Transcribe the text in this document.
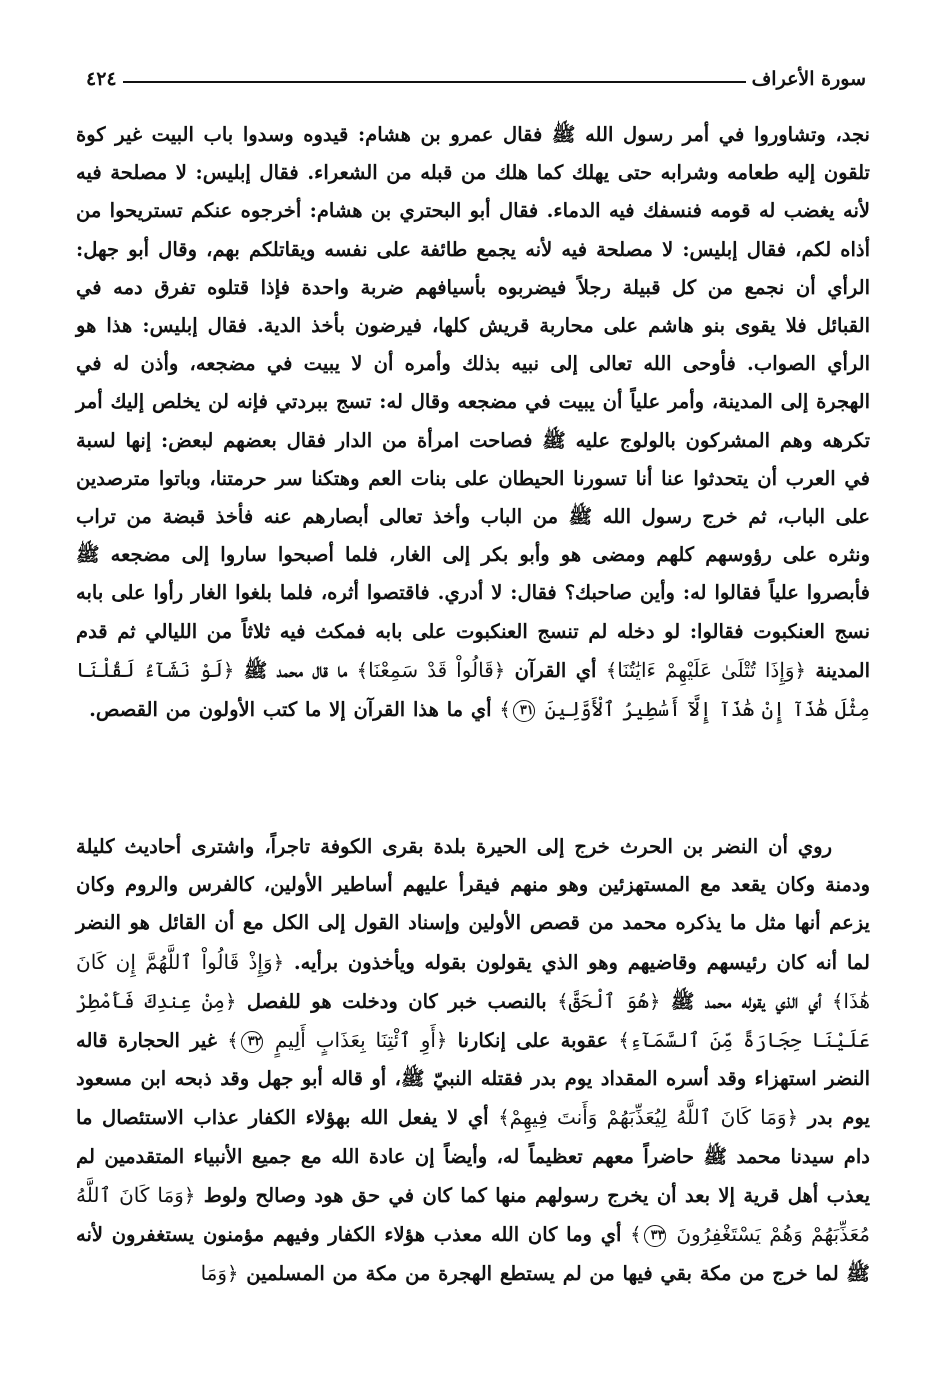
سورة الأعراف
٤٢٤

نجد، وتشاوروا في أمر رسول الله ﷺ فقال عمرو بن هشام: قيدوه وسدوا باب البيت غير كوة تلقون إليه طعامه وشرابه حتى يهلك كما هلك من قبله من الشعراء. فقال إبليس: لا مصلحة فيه لأنه يغضب له قومه فنسفك فيه الدماء. فقال أبو البحتري بن هشام: أخرجوه عنكم تستريحوا من أذاه لكم، فقال إبليس: لا مصلحة فيه لأنه يجمع طائفة على نفسه ويقاتلكم بهم، وقال أبو جهل: الرأي أن نجمع من كل قبيلة رجلاً فيضربوه بأسيافهم ضربة واحدة فإذا قتلوه تفرق دمه في القبائل فلا يقوى بنو هاشم على محاربة قريش كلها، فيرضون بأخذ الدية. فقال إبليس: هذا هو الرأي الصواب. فأوحى الله تعالى إلى نبيه بذلك وأمره أن لا يبيت في مضجعه، وأذن له في الهجرة إلى المدينة، وأمر علياً أن يبيت في مضجعه وقال له: تسج ببردتي فإنه لن يخلص إليك أمر تكرهه وهم المشركون بالولوج عليه ﷺ فصاحت امرأة من الدار فقال بعضهم لبعض: إنها لسبة في العرب أن يتحدثوا عنا أنا تسورنا الحيطان على بنات العم وهتكنا سر حرمتنا، وباتوا مترصدين على الباب، ثم خرج رسول الله ﷺ من الباب وأخذ تعالى أبصارهم عنه فأخذ قبضة من تراب ونثره على رؤوسهم كلهم ومضى هو وأبو بكر إلى الغار، فلما أصبحوا ساروا إلى مضجعه ﷺ فأبصروا علياً فقالوا له: وأين صاحبك؟ فقال: لا أدري. فاقتصوا أثره، فلما بلغوا الغار رأوا على بابه نسج العنكبوت فقالوا: لو دخله لم تنسج العنكبوت على بابه فمكث فيه ثلاثاً من الليالي ثم قدم المدينة ﴿وَإِذَا تُتْلَىٰ عَلَيْهِمْ ءَايَٰتُنَا﴾ أي القرآن ﴿قَالُواْ قَدْ سَمِعْنَا﴾ ما قال محمد ﷺ ﴿لَوْ نَشَآءُ لَقُلْنَا مِثْلَ هَٰذَآ إِنْ هَٰذَآ إِلَّآ أَسَٰطِيرُ ٱلْأَوَّلِينَ ٣١﴾ أي ما هذا القرآن إلا ما كتب الأولون من القصص.

روي أن النضر بن الحرث خرج إلى الحيرة بلدة بقرى الكوفة تاجراً، واشترى أحاديث كليلة ودمنة وكان يقعد مع المستهزئين وهو منهم فيقرأ عليهم أساطير الأولين، كالفرس والروم وكان يزعم أنها مثل ما يذكره محمد من قصص الأولين وإسناد القول إلى الكل مع أن القائل هو النضر لما أنه كان رئيسهم وقاضيهم وهو الذي يقولون بقوله ويأخذون برأيه. ﴿وَإِذْ قَالُواْ ٱللَّهُمَّ إِن كَانَ هَٰذَا﴾ أي الذي يقوله محمد ﷺ ﴿هُوَ ٱلْحَقَّ﴾ بالنصب خبر كان ودخلت هو للفصل ﴿مِنْ عِندِكَ فَأَمْطِرْ عَلَيْنَا حِجَارَةً مِّنَ ٱلسَّمَآءِ﴾ عقوبة على إنكارنا ﴿أَوِ ٱئْتِنَا بِعَذَابٍ أَلِيمٍ ٣٢﴾ غير الحجارة قاله النضر استهزاء وقد أسره المقداد يوم بدر فقتله النبيّ ﷺ، أو قاله أبو جهل وقد ذبحه ابن مسعود يوم بدر ﴿وَمَا كَانَ ٱللَّهُ لِيُعَذِّبَهُمْ وَأَنتَ فِيهِمْ﴾ أي لا يفعل الله بهؤلاء الكفار عذاب الاستئصال ما دام سيدنا محمد ﷺ حاضراً معهم تعظيماً له، وأيضاً إن عادة الله مع جميع الأنبياء المتقدمين لم يعذب أهل قرية إلا بعد أن يخرج رسولهم منها كما كان في حق هود وصالح ولوط ﴿وَمَا كَانَ ٱللَّهُ مُعَذِّبَهُمْ وَهُمْ يَسْتَغْفِرُونَ ٣٣﴾ أي وما كان الله معذب هؤلاء الكفار وفيهم مؤمنون يستغفرون لأنه ﷺ لما خرج من مكة بقي فيها من لم يستطع الهجرة من مكة من المسلمين ﴿وَمَا
